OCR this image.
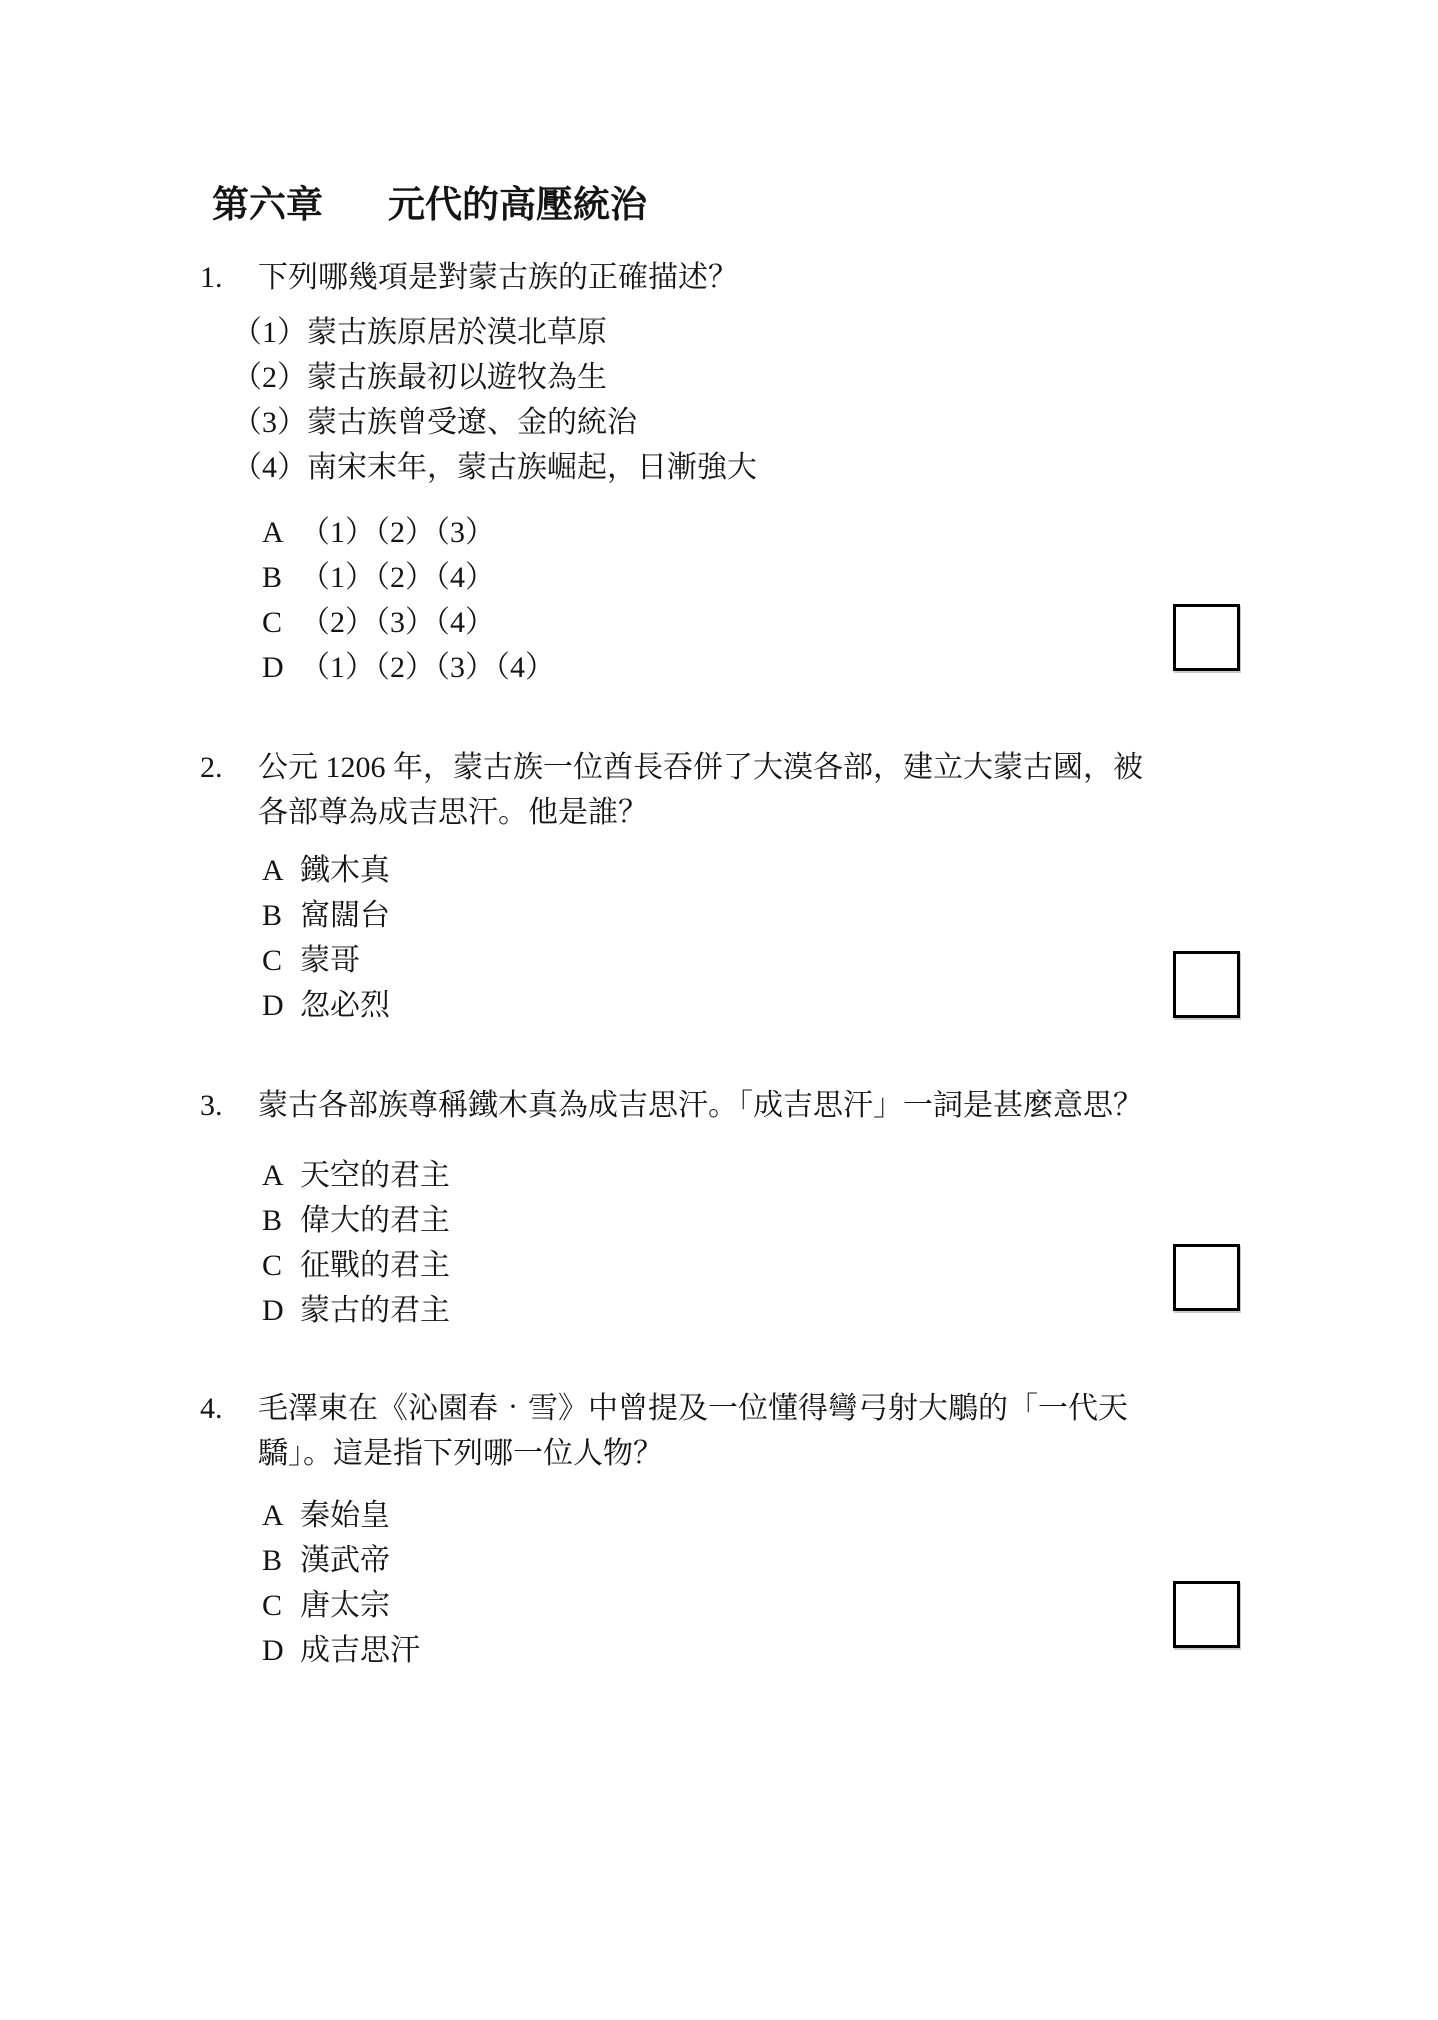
第六章 元代的高壓統治
1. 下列哪幾項是對蒙古族的正確描述？
（1）蒙古族原居於漠北草原
（2）蒙古族最初以遊牧為生
（3）蒙古族曾受遼、金的統治
（4）南宋末年，蒙古族崛起，日漸強大
A （1）（2）（3）
B （1）（2）（4）
C （2）（3）（4）
D （1）（2）（3）（4）
2. 公元 1206 年，蒙古族一位酋長吞併了大漠各部，建立大蒙古國，被
各部尊為成吉思汗。他是誰？
A 鐵木真
B 窩闊台
C 蒙哥
D 忽必烈
3. 蒙古各部族尊稱鐵木真為成吉思汗。「成吉思汗」一詞是甚麼意思？
A 天空的君主
B 偉大的君主
C 征戰的君主
D 蒙古的君主
4. 毛澤東在《沁園春‧雪》中曾提及一位懂得彎弓射大鵰的「一代天
驕」。這是指下列哪一位人物？
A 秦始皇
B 漢武帝
C 唐太宗
D 成吉思汗
